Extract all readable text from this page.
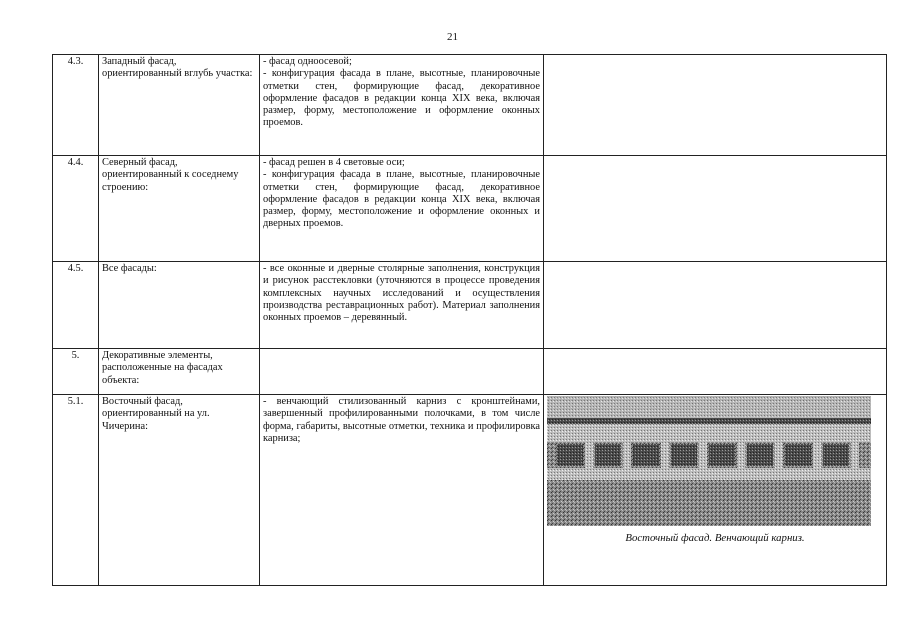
21
4.3.	Западный фасад, ориентированный вглубь участка:	- фасад одноосевой;
- конфигурация фасада в плане, высотные, планировочные отметки стен, формирующие фасад, декоративное оформление фасадов в редакции конца XIX века, включая размер, форму, местоположение и оформление оконных проемов.	
4.4.	Северный фасад, ориентированный к соседнему строению:	- фасад решен в 4 световые оси;
- конфигурация фасада в плане, высотные, планировочные отметки стен, формирующие фасад, декоративное оформление фасадов в редакции конца XIX века, включая размер, форму, местоположение и оформление оконных и дверных проемов.	
4.5.	Все фасады:	- все оконные и дверные столярные заполнения, конструкция и рисунок расстекловки (уточняются в процессе проведения комплексных научных исследований и осуществления производства реставрационных работ). Материал заполнения оконных проемов – деревянный.	
5.	Декоративные элементы, расположенные на фасадах объекта:		
5.1.	Восточный фасад, ориентированный на ул. Чичерина:	- венчающий стилизованный карниз с кронштейнами, завершенный профилированными полочками, в том числе форма, габариты, высотные отметки, техника и профилировка карниза;	Восточный фасад. Венчающий карниз.
